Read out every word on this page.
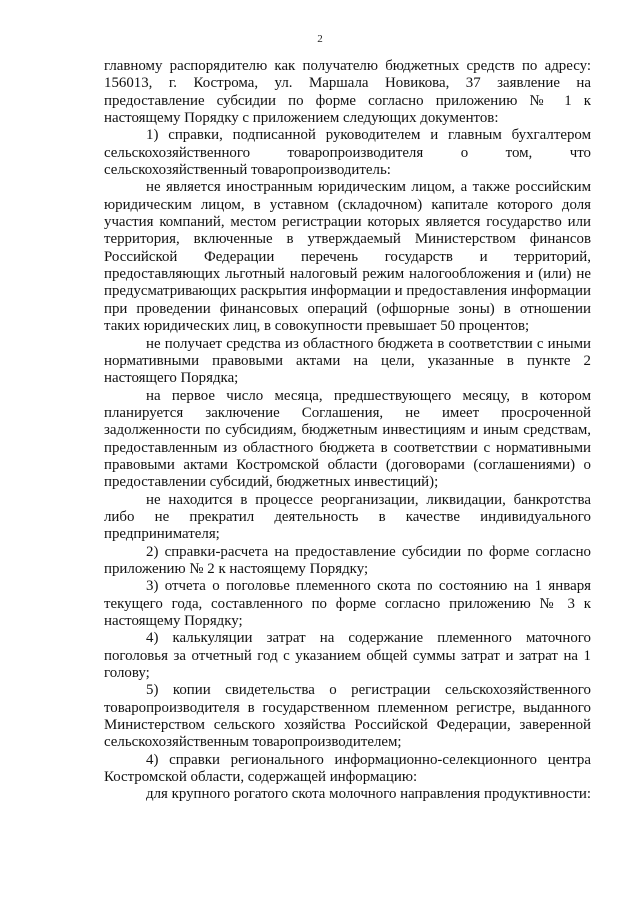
2

главному распорядителю как получателю бюджетных средств по адресу: 156013, г. Кострома, ул. Маршала Новикова, 37 заявление на предоставление субсидии по форме согласно приложению № 1 к настоящему Порядку с приложением следующих документов:

1) справки, подписанной руководителем и главным бухгалтером сельскохозяйственного товаропроизводителя о том, что сельскохозяйственный товаропроизводитель:

не является иностранным юридическим лицом, а также российским юридическим лицом, в уставном (складочном) капитале которого доля участия компаний, местом регистрации которых является государство или территория, включенные в утверждаемый Министерством финансов Российской Федерации перечень государств и территорий, предоставляющих льготный налоговый режим налогообложения и (или) не предусматривающих раскрытия информации и предоставления информации при проведении финансовых операций (офшорные зоны) в отношении таких юридических лиц, в совокупности превышает 50 процентов;

не получает средства из областного бюджета в соответствии с иными нормативными правовыми актами на цели, указанные в пункте 2 настоящего Порядка;

на первое число месяца, предшествующего месяцу, в котором планируется заключение Соглашения, не имеет просроченной задолженности по субсидиям, бюджетным инвестициям и иным средствам, предоставленным из областного бюджета в соответствии с нормативными правовыми актами Костромской области (договорами (соглашениями) о предоставлении субсидий, бюджетных инвестиций);

не находится в процессе реорганизации, ликвидации, банкротства либо не прекратил деятельность в качестве индивидуального предпринимателя;

2) справки-расчета на предоставление субсидии по форме согласно приложению № 2 к настоящему Порядку;

3) отчета о поголовье племенного скота по состоянию на 1 января текущего года, составленного по форме согласно приложению № 3 к настоящему Порядку;

4) калькуляции затрат на содержание племенного маточного поголовья за отчетный год с указанием общей суммы затрат и затрат на 1 голову;

5) копии свидетельства о регистрации сельскохозяйственного товаропроизводителя в государственном племенном регистре, выданного Министерством сельского хозяйства Российской Федерации, заверенной сельскохозяйственным товаропроизводителем;

4) справки регионального информационно-селекционного центра Костромской области, содержащей информацию:

для крупного рогатого скота молочного направления продуктивности:
